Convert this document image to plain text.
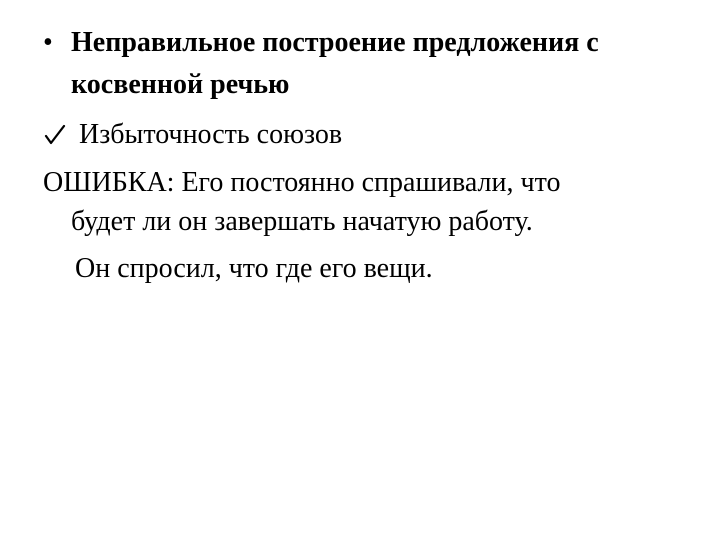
• Неправильное построение предложения с
косвенной речью
Избыточность союзов
ОШИБКА: Его постоянно спрашивали, что
будет ли он завершать начатую работу.
Он спросил, что где его вещи.
